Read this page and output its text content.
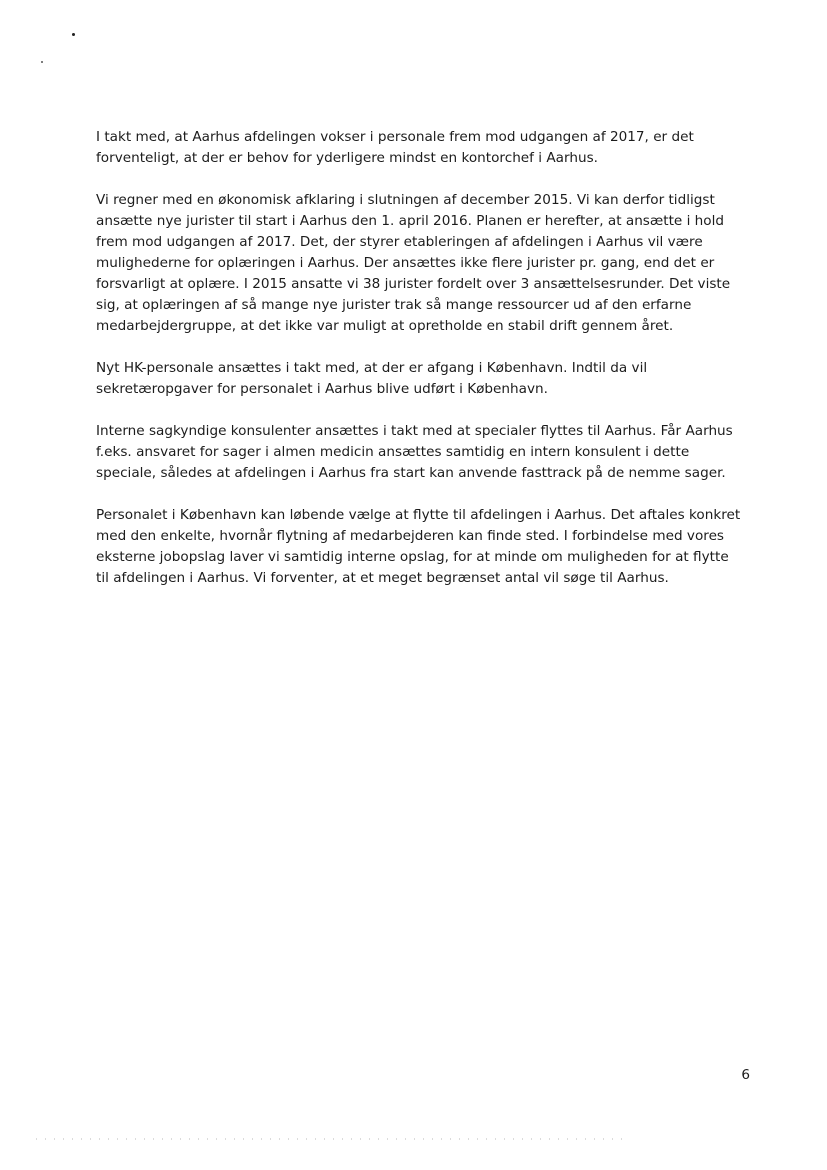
I takt med, at Aarhus afdelingen vokser i personale frem mod udgangen af 2017, er det forventeligt, at der er behov for yderligere mindst en kontorchef i Aarhus.

Vi regner med en økonomisk afklaring i slutningen af december 2015. Vi kan derfor tidligst ansætte nye jurister til start i Aarhus den 1. april 2016. Planen er herefter, at ansætte i hold frem mod udgangen af 2017. Det, der styrer etableringen af afdelingen i Aarhus vil være mulighederne for oplæringen i Aarhus. Der ansættes ikke flere jurister pr. gang, end det er forsvarligt at oplære. I 2015 ansatte vi 38 jurister fordelt over 3 ansættelsesrunder. Det viste sig, at oplæringen af så mange nye jurister trak så mange ressourcer ud af den erfarne medarbejdergruppe, at det ikke var muligt at opretholde en stabil drift gennem året.

Nyt HK-personale ansættes i takt med, at der er afgang i København. Indtil da vil sekretæropgaver for personalet i Aarhus blive udført i København.

Interne sagkyndige konsulenter ansættes i takt med at specialer flyttes til Aarhus. Får Aarhus f.eks. ansvaret for sager i almen medicin ansættes samtidig en intern konsulent i dette speciale, således at afdelingen i Aarhus fra start kan anvende fasttrack på de nemme sager.

Personalet i København kan løbende vælge at flytte til afdelingen i Aarhus. Det aftales konkret med den enkelte, hvornår flytning af medarbejderen kan finde sted. I forbindelse med vores eksterne jobopslag laver vi samtidig interne opslag, for at minde om muligheden for at flytte til afdelingen i Aarhus. Vi forventer, at et meget begrænset antal vil søge til Aarhus.

6
